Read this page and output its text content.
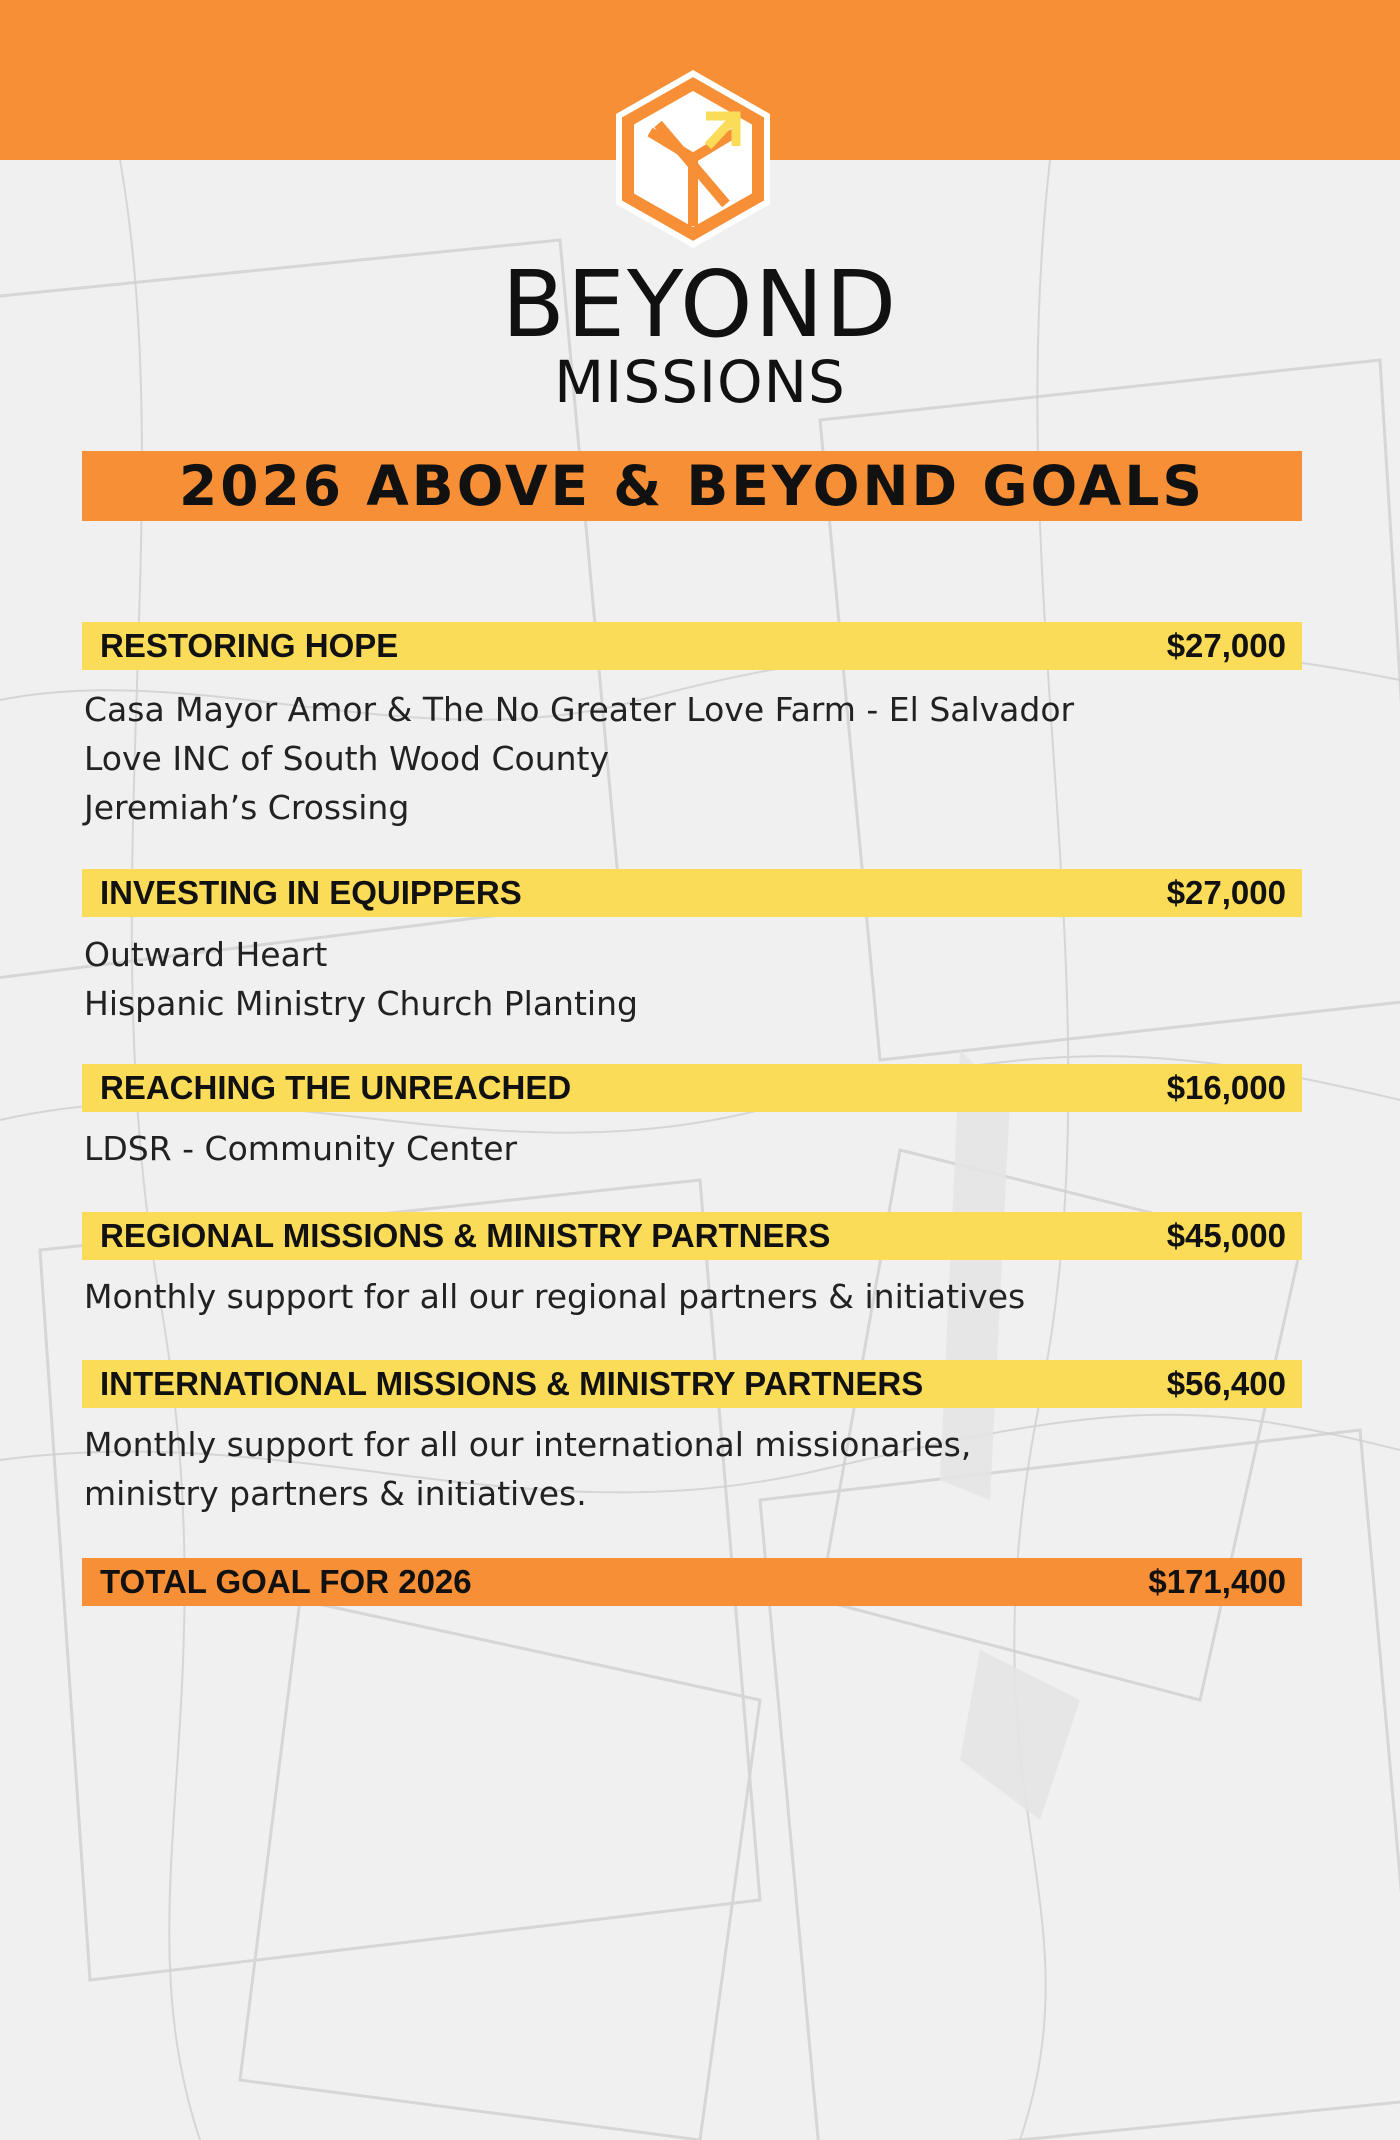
BEYOND
MISSIONS
2026 ABOVE & BEYOND GOALS
RESTORING HOPE	$27,000
Casa Mayor Amor & The No Greater Love Farm - El Salvador
Love INC of South Wood County
Jeremiah’s Crossing
INVESTING IN EQUIPPERS	$27,000
Outward Heart
Hispanic Ministry Church Planting
REACHING THE UNREACHED	$16,000
LDSR - Community Center
REGIONAL MISSIONS & MINISTRY PARTNERS	$45,000
Monthly support for all our regional partners & initiatives
INTERNATIONAL MISSIONS & MINISTRY PARTNERS	$56,400
Monthly support for all our international missionaries,
ministry partners & initiatives.
TOTAL GOAL FOR 2026	$171,400
